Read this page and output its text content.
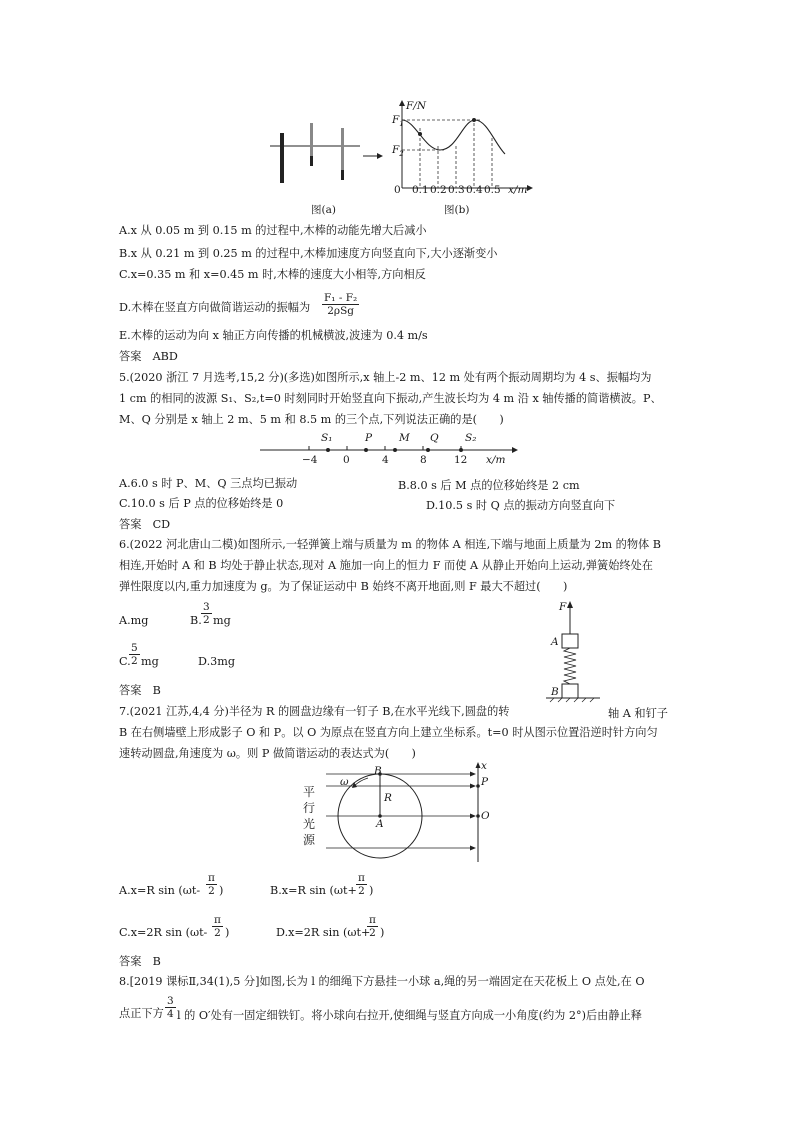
F/N
$F_1$
$F_2$
0 0.1 0.2 0.3 0.4 0.5 x/m
图(a)	图(b)
A.x 从 0.05 m 到 0.15 m 的过程中,木棒的动能先增大后减小
B.x 从 0.21 m 到 0.25 m 的过程中,木棒加速度方向竖直向下,大小逐渐变小
C.x=0.35 m 和 x=0.45 m 时,木棒的速度大小相等,方向相反
D.木棒在竖直方向做简谐运动的振幅为
F₁ - F₂
2ρSg
E.木棒的运动为向 x 轴正方向传播的机械横波,波速为 0.4 m/s
答案　ABD
5.(2020 浙江 7 月选考,15,2 分)(多选)如图所示,x 轴上-2 m、12 m 处有两个振动周期均为 4 s、振幅均为
1 cm 的相同的波源 S₁、S₂,t=0 时刻同时开始竖直向下振动,产生波长均为 4 m 沿 x 轴传播的简谐横波。P、
M、Q 分别是 x 轴上 2 m、5 m 和 8.5 m 的三个点,下列说法正确的是(　　)
S₁	P	M Q	S₂
−4 0	4	8	12 x/m
A.6.0 s 时 P、M、Q 三点均已振动	B.8.0 s 后 M 点的位移始终是 2 cm
C.10.0 s 后 P 点的位移始终是 0	D.10.5 s 时 Q 点的振动方向竖直向下
答案　CD
6.(2022 河北唐山二模)如图所示,一轻弹簧上端与质量为 m 的物体 A 相连,下端与地面上质量为 2m 的物体 B
相连,开始时 A 和 B 均处于静止状态,现对 A 施加一向上的恒力 F 而使 A 从静止开始向上运动,弹簧始终处在
弹性限度以内,重力加速度为 g。为了保证运动中 B 始终不离开地面,则 F 最大不超过(　　)
A.mg	B.
3
2 mg
C.
5
2 mg	D.3mg
答案　B
F
A
B
7.(2021 江苏,4,4 分)半径为 R 的圆盘边缘有一钉子 B,在水平光线下,圆盘的转	轴 A 和钉子
B 在右侧墙壁上形成影子 O 和 P。以 O 为原点在竖直方向上建立坐标系。t=0 时从图示位置沿逆时针方向匀
速转动圆盘,角速度为 ω。则 P 做简谐运动的表达式为(　　)
平
行
光
源
B
ω
R
A
x
P
O
A.x=R sin (ωt-
π
2 )	B.x=R sin (ωt+
π
2 )
C.x=2R sin (ωt-
π
2 )	D.x=2R sin (ωt+
π
2 )
答案　B
8.[2019 课标Ⅱ,34(1),5 分]如图,长为 l 的细绳下方悬挂一小球 a,绳的另一端固定在天花板上 O 点处,在 O
点正下方
3
4 l 的 O′处有一固定细铁钉。将小球向右拉开,使细绳与竖直方向成一小角度(约为 2°)后由静止释
